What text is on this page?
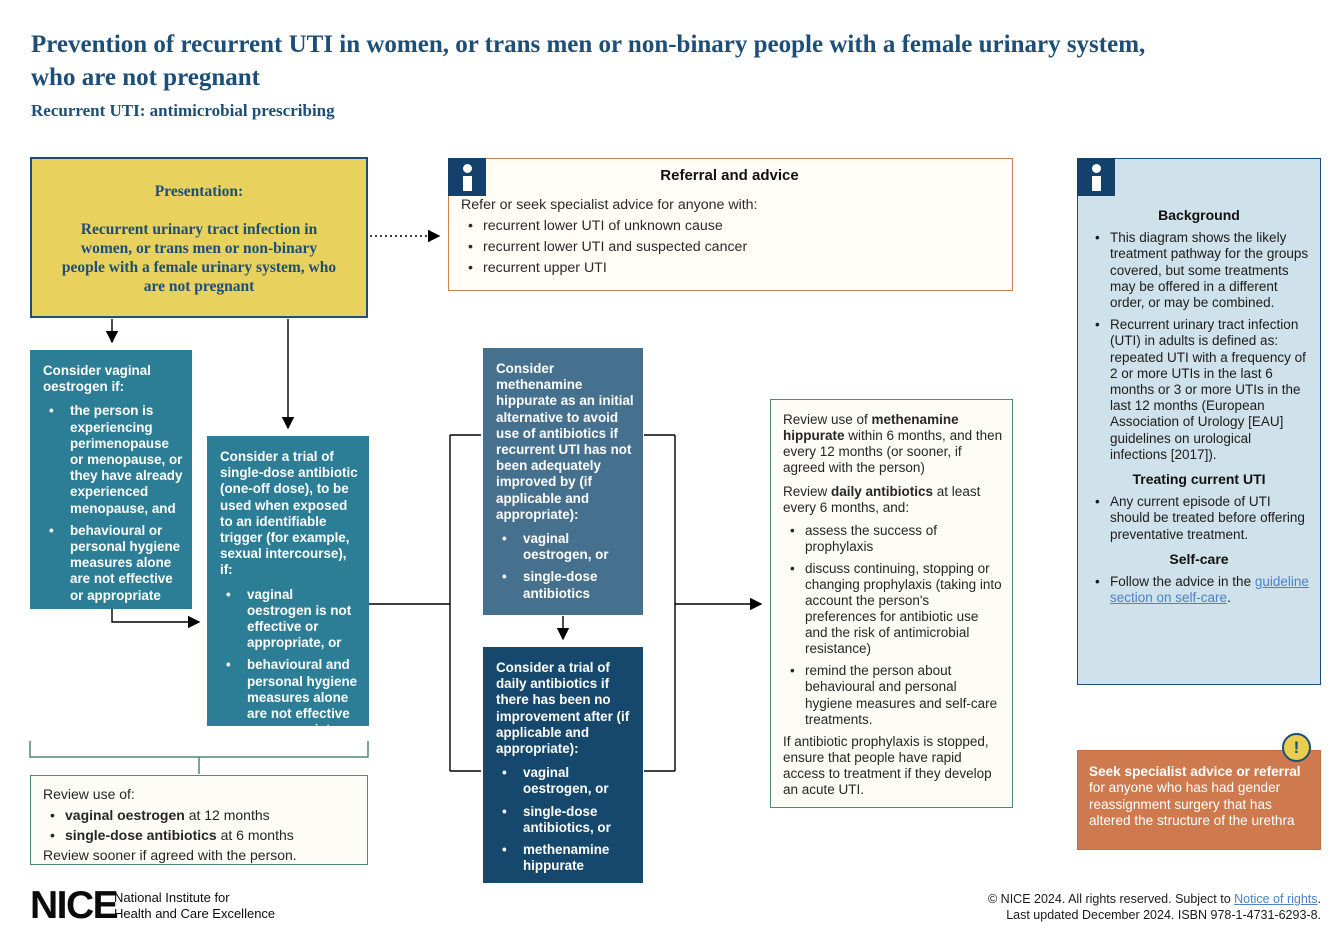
Prevention of recurrent UTI in women, or trans men or non-binary people with a female urinary system, who are not pregnant
Recurrent UTI: antimicrobial prescribing
Presentation:
Recurrent urinary tract infection in women, or trans men or non-binary people with a female urinary system, who are not pregnant
Referral and advice
Refer or seek specialist advice for anyone with:
• recurrent lower UTI of unknown cause
• recurrent lower UTI and suspected cancer
• recurrent upper UTI
Background
• This diagram shows the likely treatment pathway for the groups covered, but some treatments may be offered in a different order, or may be combined.
• Recurrent urinary tract infection (UTI) in adults is defined as: repeated UTI with a frequency of 2 or more UTIs in the last 6 months or 3 or more UTIs in the last 12 months (European Association of Urology [EAU] guidelines on urological infections [2017]).
Treating current UTI
• Any current episode of UTI should be treated before offering preventative treatment.
Self-care
• Follow the advice in the guideline section on self-care.
Consider vaginal oestrogen if:
•	the person is experiencing perimenopause or menopause, or they have already experienced menopause, and
•	behavioural or personal hygiene measures alone are not effective or appropriate
Consider a trial of single-dose antibiotic (one-off dose), to be used when exposed to an identifiable trigger (for example, sexual intercourse), if:
•	vaginal oestrogen is not effective or appropriate, or
•	behavioural and personal hygiene measures alone are not effective or appropriate
Consider methenamine hippurate as an initial alternative to avoid use of antibiotics if recurrent UTI has not been adequately improved by (if applicable and appropriate):
•	vaginal oestrogen, or
•	single-dose antibiotics
Consider a trial of daily antibiotics if there has been no improvement after (if applicable and appropriate):
•	vaginal oestrogen, or
•	single-dose antibiotics, or
•	methenamine hippurate
Review use of methenamine hippurate within 6 months, and then every 12 months (or sooner, if agreed with the person)
Review daily antibiotics at least every 6 months, and:
• assess the success of prophylaxis
• discuss continuing, stopping or changing prophylaxis (taking into account the person's preferences for antibiotic use and the risk of antimicrobial resistance)
• remind the person about behavioural and personal hygiene measures and self-care treatments.
If antibiotic prophylaxis is stopped, ensure that people have rapid access to treatment if they develop an acute UTI.
Review use of:
• vaginal oestrogen at 12 months
• single-dose antibiotics at 6 months
Review sooner if agreed with the person.
Seek specialist advice or referral for anyone who has had gender reassignment surgery that has altered the structure of the urethra
!
NICE
National Institute for
Health and Care Excellence
© NICE 2024. All rights reserved. Subject to Notice of rights.
Last updated December 2024. ISBN 978-1-4731-6293-8.
